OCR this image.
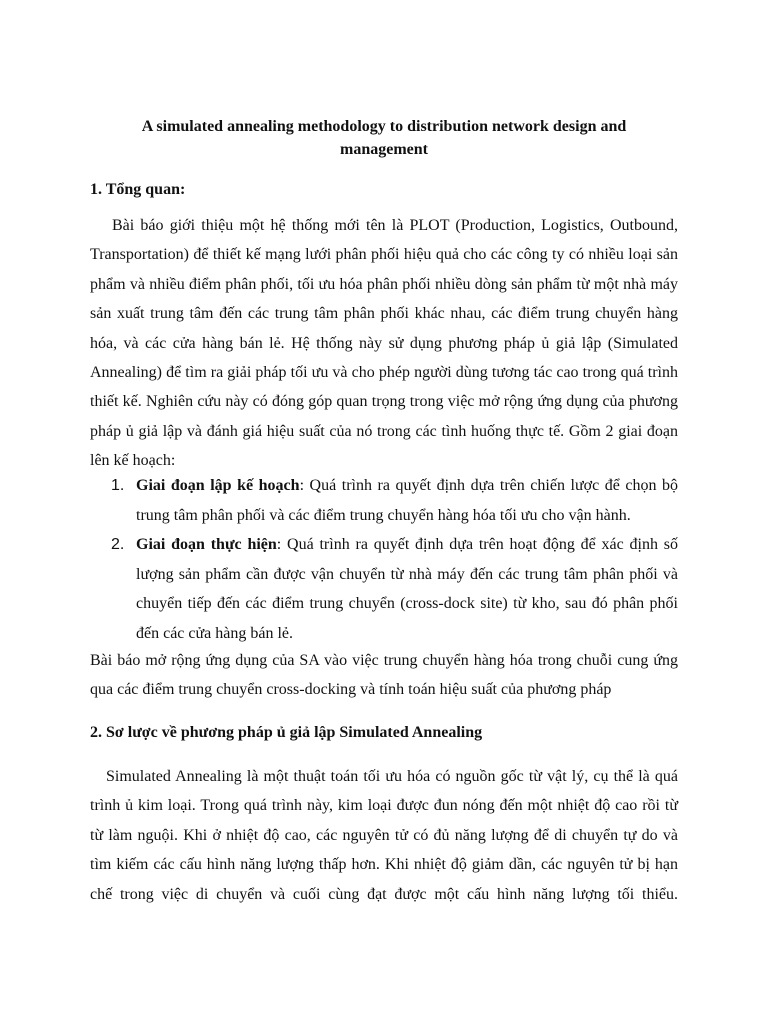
A simulated annealing methodology to distribution network design and management

1. Tổng quan:

Bài báo giới thiệu một hệ thống mới tên là PLOT (Production, Logistics, Outbound, Transportation) để thiết kế mạng lưới phân phối hiệu quả cho các công ty có nhiều loại sản phẩm và nhiều điểm phân phối, tối ưu hóa phân phối nhiều dòng sản phẩm từ một nhà máy sản xuất trung tâm đến các trung tâm phân phối khác nhau, các điểm trung chuyển hàng hóa, và các cửa hàng bán lẻ. Hệ thống này sử dụng phương pháp ủ giả lập (Simulated Annealing) để tìm ra giải pháp tối ưu và cho phép người dùng tương tác cao trong quá trình thiết kế. Nghiên cứu này có đóng góp quan trọng trong việc mở rộng ứng dụng của phương pháp ủ giả lập và đánh giá hiệu suất của nó trong các tình huống thực tế. Gồm 2 giai đoạn lên kế hoạch:

1. Giai đoạn lập kế hoạch: Quá trình ra quyết định dựa trên chiến lược để chọn bộ trung tâm phân phối và các điểm trung chuyển hàng hóa tối ưu cho vận hành.

2. Giai đoạn thực hiện: Quá trình ra quyết định dựa trên hoạt động để xác định số lượng sản phẩm cần được vận chuyển từ nhà máy đến các trung tâm phân phối và chuyển tiếp đến các điểm trung chuyển (cross-dock site) từ kho, sau đó phân phối đến các cửa hàng bán lẻ.

Bài báo mở rộng ứng dụng của SA vào việc trung chuyển hàng hóa trong chuỗi cung ứng qua các điểm trung chuyển cross-docking và tính toán hiệu suất của phương pháp

2. Sơ lược về phương pháp ủ giả lập Simulated Annealing

Simulated Annealing là một thuật toán tối ưu hóa có nguồn gốc từ vật lý, cụ thể là quá trình ủ kim loại. Trong quá trình này, kim loại được đun nóng đến một nhiệt độ cao rồi từ từ làm nguội. Khi ở nhiệt độ cao, các nguyên tử có đủ năng lượng để di chuyển tự do và tìm kiếm các cấu hình năng lượng thấp hơn. Khi nhiệt độ giảm dần, các nguyên tử bị hạn chế trong việc di chuyển và cuối cùng đạt được một cấu hình năng lượng tối thiểu.
